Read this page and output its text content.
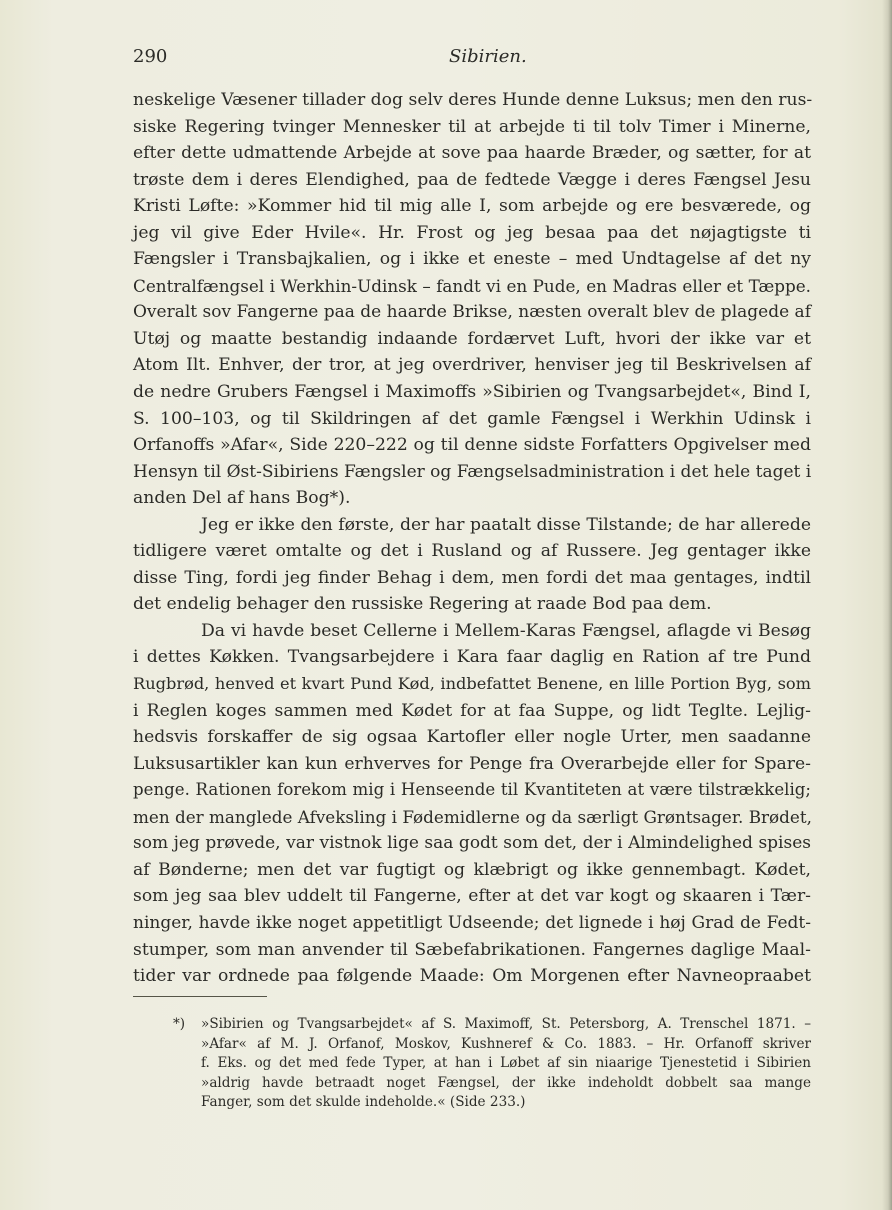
290	Sibirien.
neskelige Væsener tillader dog selv deres Hunde denne Luksus; men den rus-
siske Regering tvinger Mennesker til at arbejde ti til tolv Timer i Minerne,
efter dette udmattende Arbejde at sove paa haarde Bræder, og sætter, for at
trøste dem i deres Elendighed, paa de fedtede Vægge i deres Fængsel Jesu
Kristi Løfte: »Kommer hid til mig alle I, som arbejde og ere besværede, og
jeg vil give Eder Hvile«. Hr. Frost og jeg besaa paa det nøjagtigste ti
Fængsler i Transbajkalien, og i ikke et eneste – med Undtagelse af det ny
Centralfængsel i Werkhin-Udinsk – fandt vi en Pude, en Madras eller et Tæppe.
Overalt sov Fangerne paa de haarde Brikse, næsten overalt blev de plagede af
Utøj og maatte bestandig indaande fordærvet Luft, hvori der ikke var et
Atom Ilt. Enhver, der tror, at jeg overdriver, henviser jeg til Beskrivelsen af
de nedre Grubers Fængsel i Maximoffs »Sibirien og Tvangsarbejdet«, Bind I,
S. 100–103, og til Skildringen af det gamle Fængsel i Werkhin Udinsk i
Orfanoffs »Afar«, Side 220–222 og til denne sidste Forfatters Opgivelser med
Hensyn til Øst-Sibiriens Fængsler og Fængselsadministration i det hele taget i
anden Del af hans Bog*).
Jeg er ikke den første, der har paatalt disse Tilstande; de har allerede
tidligere været omtalte og det i Rusland og af Russere. Jeg gentager ikke
disse Ting, fordi jeg finder Behag i dem, men fordi det maa gentages, indtil
det endelig behager den russiske Regering at raade Bod paa dem.
Da vi havde beset Cellerne i Mellem-Karas Fængsel, aflagde vi Besøg
i dettes Køkken. Tvangsarbejdere i Kara faar daglig en Ration af tre Pund
Rugbrød, henved et kvart Pund Kød, indbefattet Benene, en lille Portion Byg, som
i Reglen koges sammen med Kødet for at faa Suppe, og lidt Teglte. Lejlig-
hedsvis forskaffer de sig ogsaa Kartofler eller nogle Urter, men saadanne
Luksusartikler kan kun erhverves for Penge fra Overarbejde eller for Spare-
penge. Rationen forekom mig i Henseende til Kvantiteten at være tilstrækkelig;
men der manglede Afveksling i Fødemidlerne og da særligt Grøntsager. Brødet,
som jeg prøvede, var vistnok lige saa godt som det, der i Almindelighed spises
af Bønderne; men det var fugtigt og klæbrigt og ikke gennembagt. Kødet,
som jeg saa blev uddelt til Fangerne, efter at det var kogt og skaaren i Tær-
ninger, havde ikke noget appetitligt Udseende; det lignede i høj Grad de Fedt-
stumper, som man anvender til Sæbefabrikationen. Fangernes daglige Maal-
tider var ordnede paa følgende Maade: Om Morgenen efter Navneopraabet
*) »Sibirien og Tvangsarbejdet« af S. Maximoff, St. Petersborg, A. Trenschel 1871. –
»Afar« af M. J. Orfanof, Moskov, Kushneref & Co. 1883. – Hr. Orfanoff skriver
f. Eks. og det med fede Typer, at han i Løbet af sin niaarige Tjenestetid i Sibirien
»aldrig havde betraadt noget Fængsel, der ikke indeholdt dobbelt saa mange
Fanger, som det skulde indeholde.« (Side 233.)
